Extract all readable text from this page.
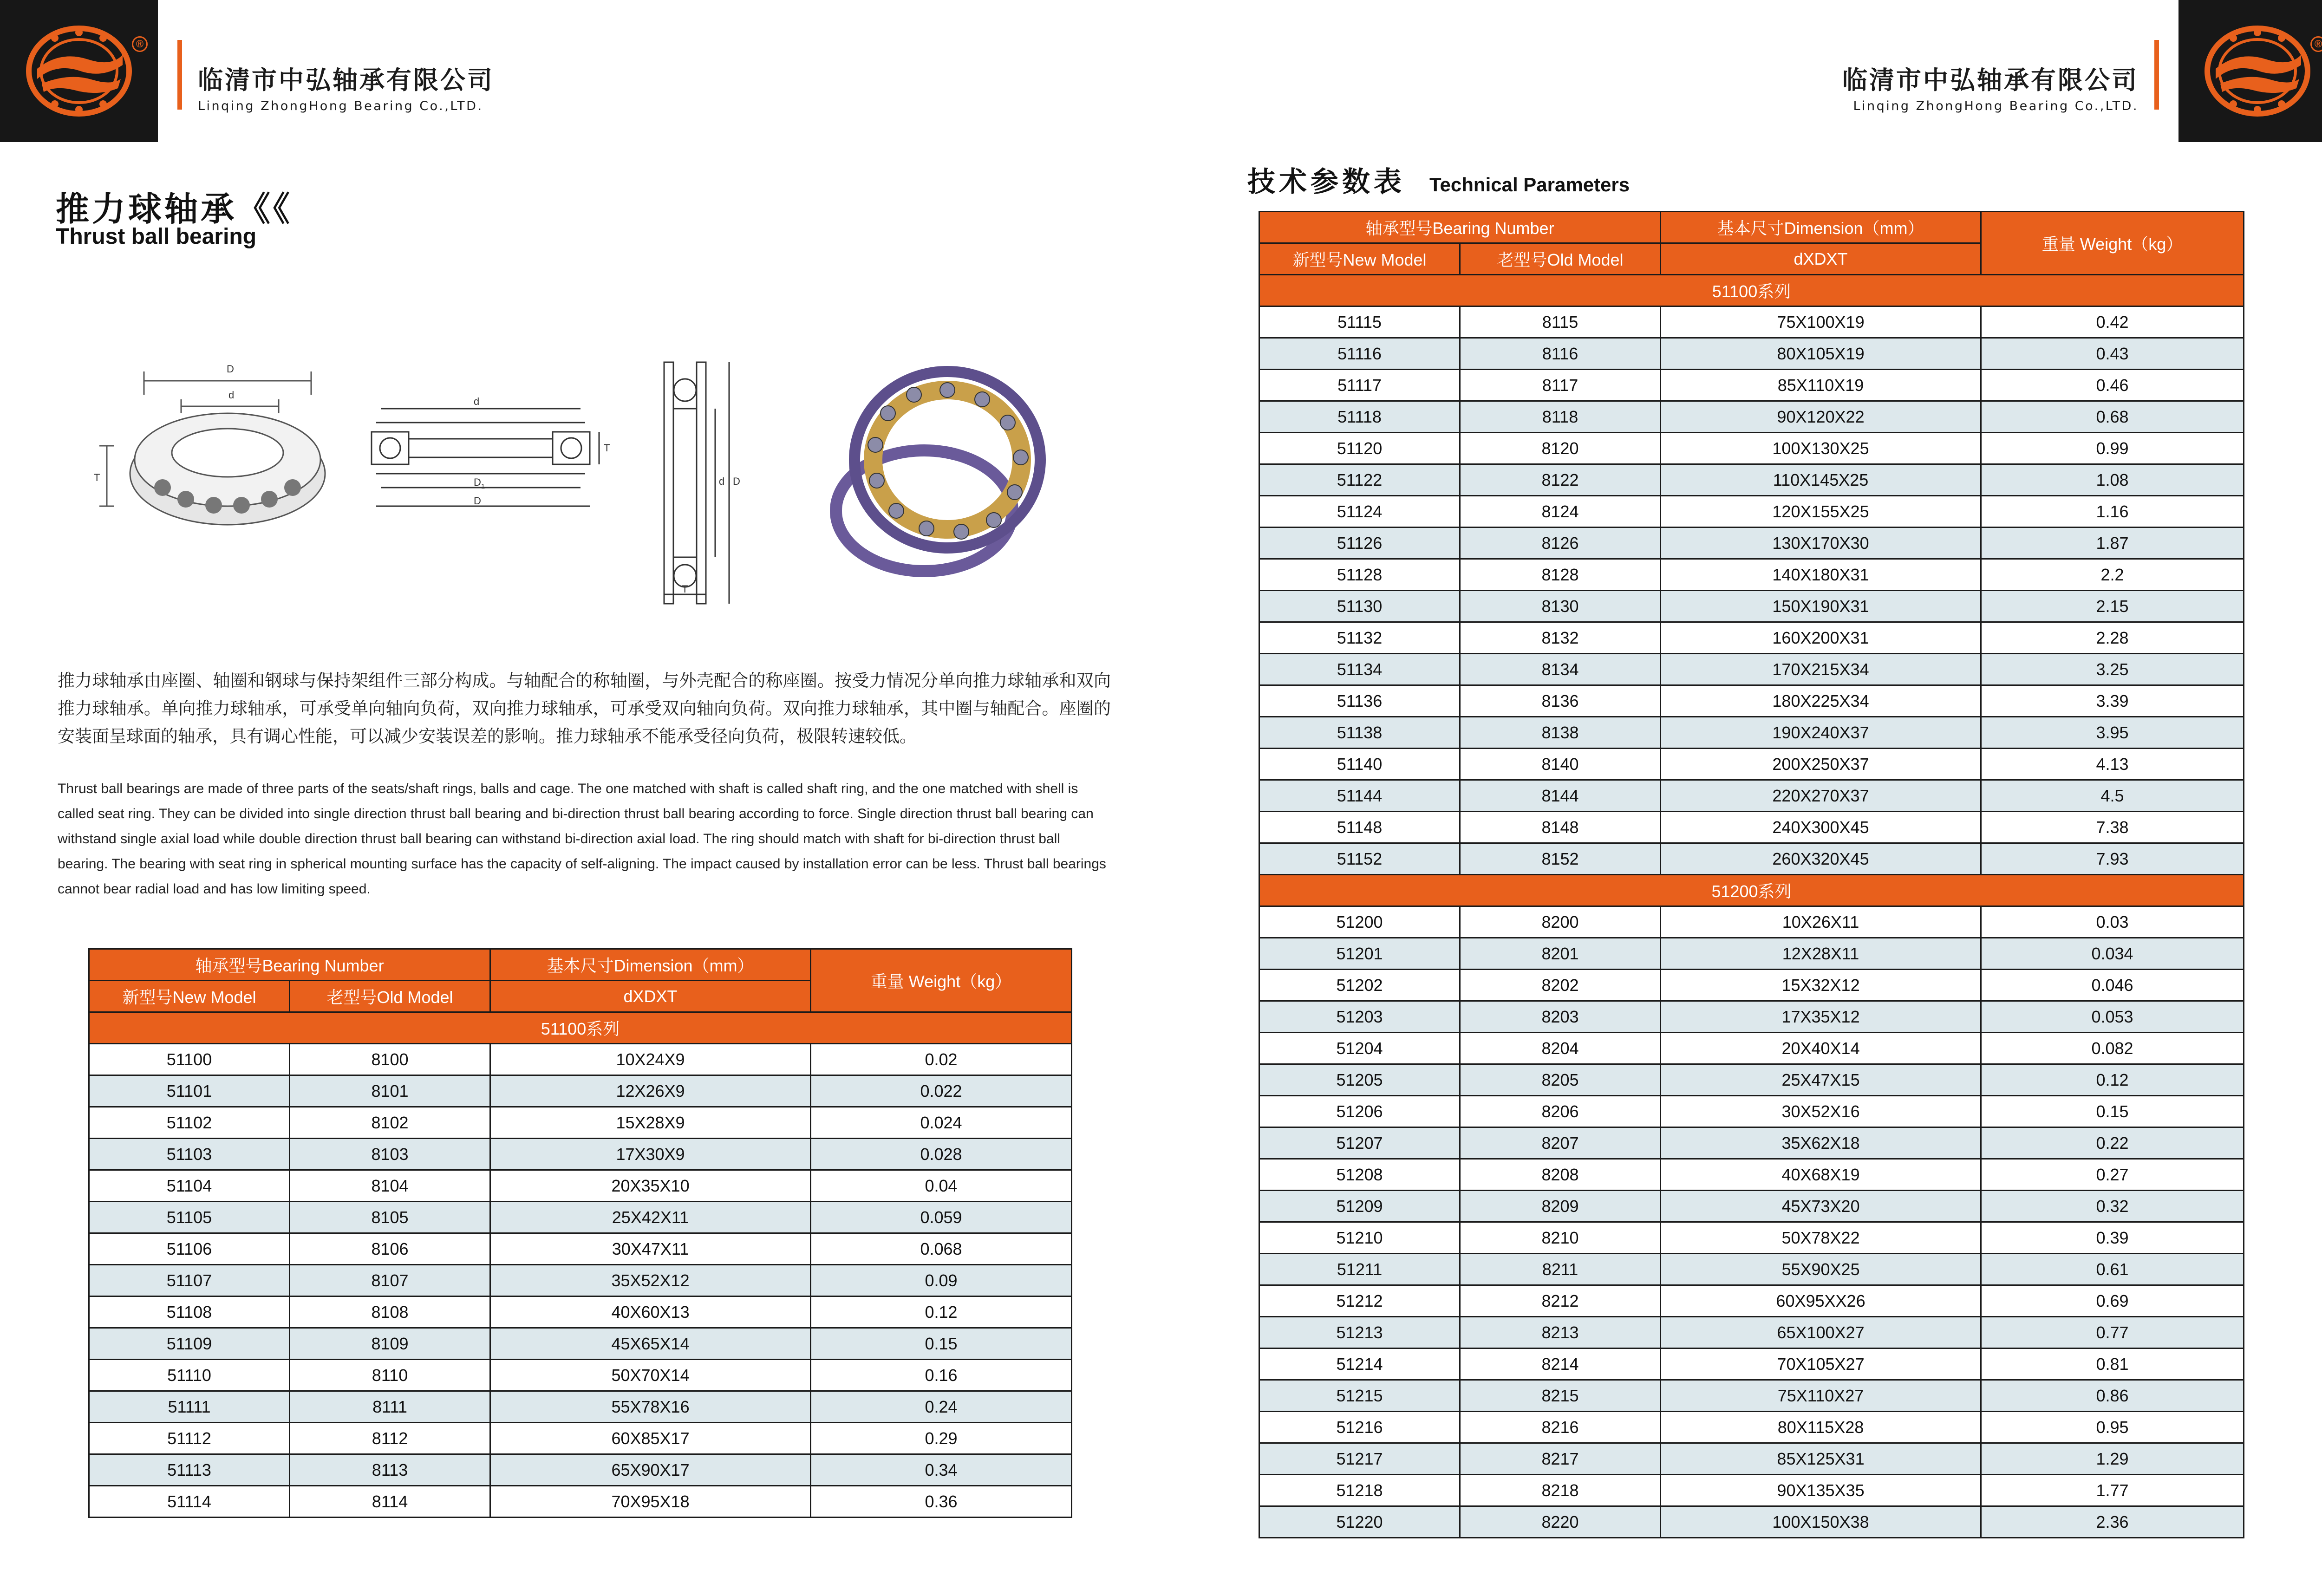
®
临清市中弘轴承有限公司
Linqing ZhongHong Bearing Co.,LTD.
临清市中弘轴承有限公司
Linqing ZhongHong Bearing Co.,LTD.
®
推力球轴承《《
Thrust ball bearing
D
d
T
d
$D_1$
D
T
d D
T
推力球轴承由座圈、轴圈和钢球与保持架组件三部分构成。与轴配合的称轴圈，与外壳配合的称座圈。按受力情况分单向推力球轴承和双向推力球轴承。单向推力球轴承，可承受单向轴向负荷，双向推力球轴承，可承受双向轴向负荷。双向推力球轴承，其中圈与轴配合。座圈的安装面呈球面的轴承，具有调心性能，可以减少安装误差的影响。推力球轴承不能承受径向负荷，极限转速较低。
Thrust ball bearings are made of three parts of the seats/shaft rings, balls and cage. The one matched with shaft is called shaft ring, and the one matched with shell is called seat ring. They can be divided into single direction thrust ball bearing and bi-direction thrust ball bearing according to force. Single direction thrust ball bearing can withstand single axial load while double direction thrust ball bearing can withstand bi-direction axial load. The ring should match with shaft for bi-direction thrust ball bearing. The bearing with seat ring in spherical mounting surface has the capacity of self-aligning. The impact caused by installation error can be less. Thrust ball bearings cannot bear radial load and has low limiting speed.
轴承型号Bearing Number		基本尺寸Dimension（mm）	重量 Weight（kg）
新型号New Model	老型号Old Model	dXDXT	
51100系列			
51100	8100	10X24X9	0.02
51101	8101	12X26X9	0.022
51102	8102	15X28X9	0.024
51103	8103	17X30X9	0.028
51104	8104	20X35X10	0.04
51105	8105	25X42X11	0.059
51106	8106	30X47X11	0.068
51107	8107	35X52X12	0.09
51108	8108	40X60X13	0.12
51109	8109	45X65X14	0.15
51110	8110	50X70X14	0.16
51111	8111	55X78X16	0.24
51112	8112	60X85X17	0.29
51113	8113	65X90X17	0.34
51114	8114	70X95X18	0.36
技术参数表 Technical Parameters
轴承型号Bearing Number		基本尺寸Dimension（mm）	重量 Weight（kg）
新型号New Model	老型号Old Model	dXDXT	
51100系列			
51115	8115	75X100X19	0.42
51116	8116	80X105X19	0.43
51117	8117	85X110X19	0.46
51118	8118	90X120X22	0.68
51120	8120	100X130X25	0.99
51122	8122	110X145X25	1.08
51124	8124	120X155X25	1.16
51126	8126	130X170X30	1.87
51128	8128	140X180X31	2.2
51130	8130	150X190X31	2.15
51132	8132	160X200X31	2.28
51134	8134	170X215X34	3.25
51136	8136	180X225X34	3.39
51138	8138	190X240X37	3.95
51140	8140	200X250X37	4.13
51144	8144	220X270X37	4.5
51148	8148	240X300X45	7.38
51152	8152	260X320X45	7.93
51200系列			
51200	8200	10X26X11	0.03
51201	8201	12X28X11	0.034
51202	8202	15X32X12	0.046
51203	8203	17X35X12	0.053
51204	8204	20X40X14	0.082
51205	8205	25X47X15	0.12
51206	8206	30X52X16	0.15
51207	8207	35X62X18	0.22
51208	8208	40X68X19	0.27
51209	8209	45X73X20	0.32
51210	8210	50X78X22	0.39
51211	8211	55X90X25	0.61
51212	8212	60X95XX26	0.69
51213	8213	65X100X27	0.77
51214	8214	70X105X27	0.81
51215	8215	75X110X27	0.86
51216	8216	80X115X28	0.95
51217	8217	85X125X31	1.29
51218	8218	90X135X35	1.77
51220	8220	100X150X38	2.36
